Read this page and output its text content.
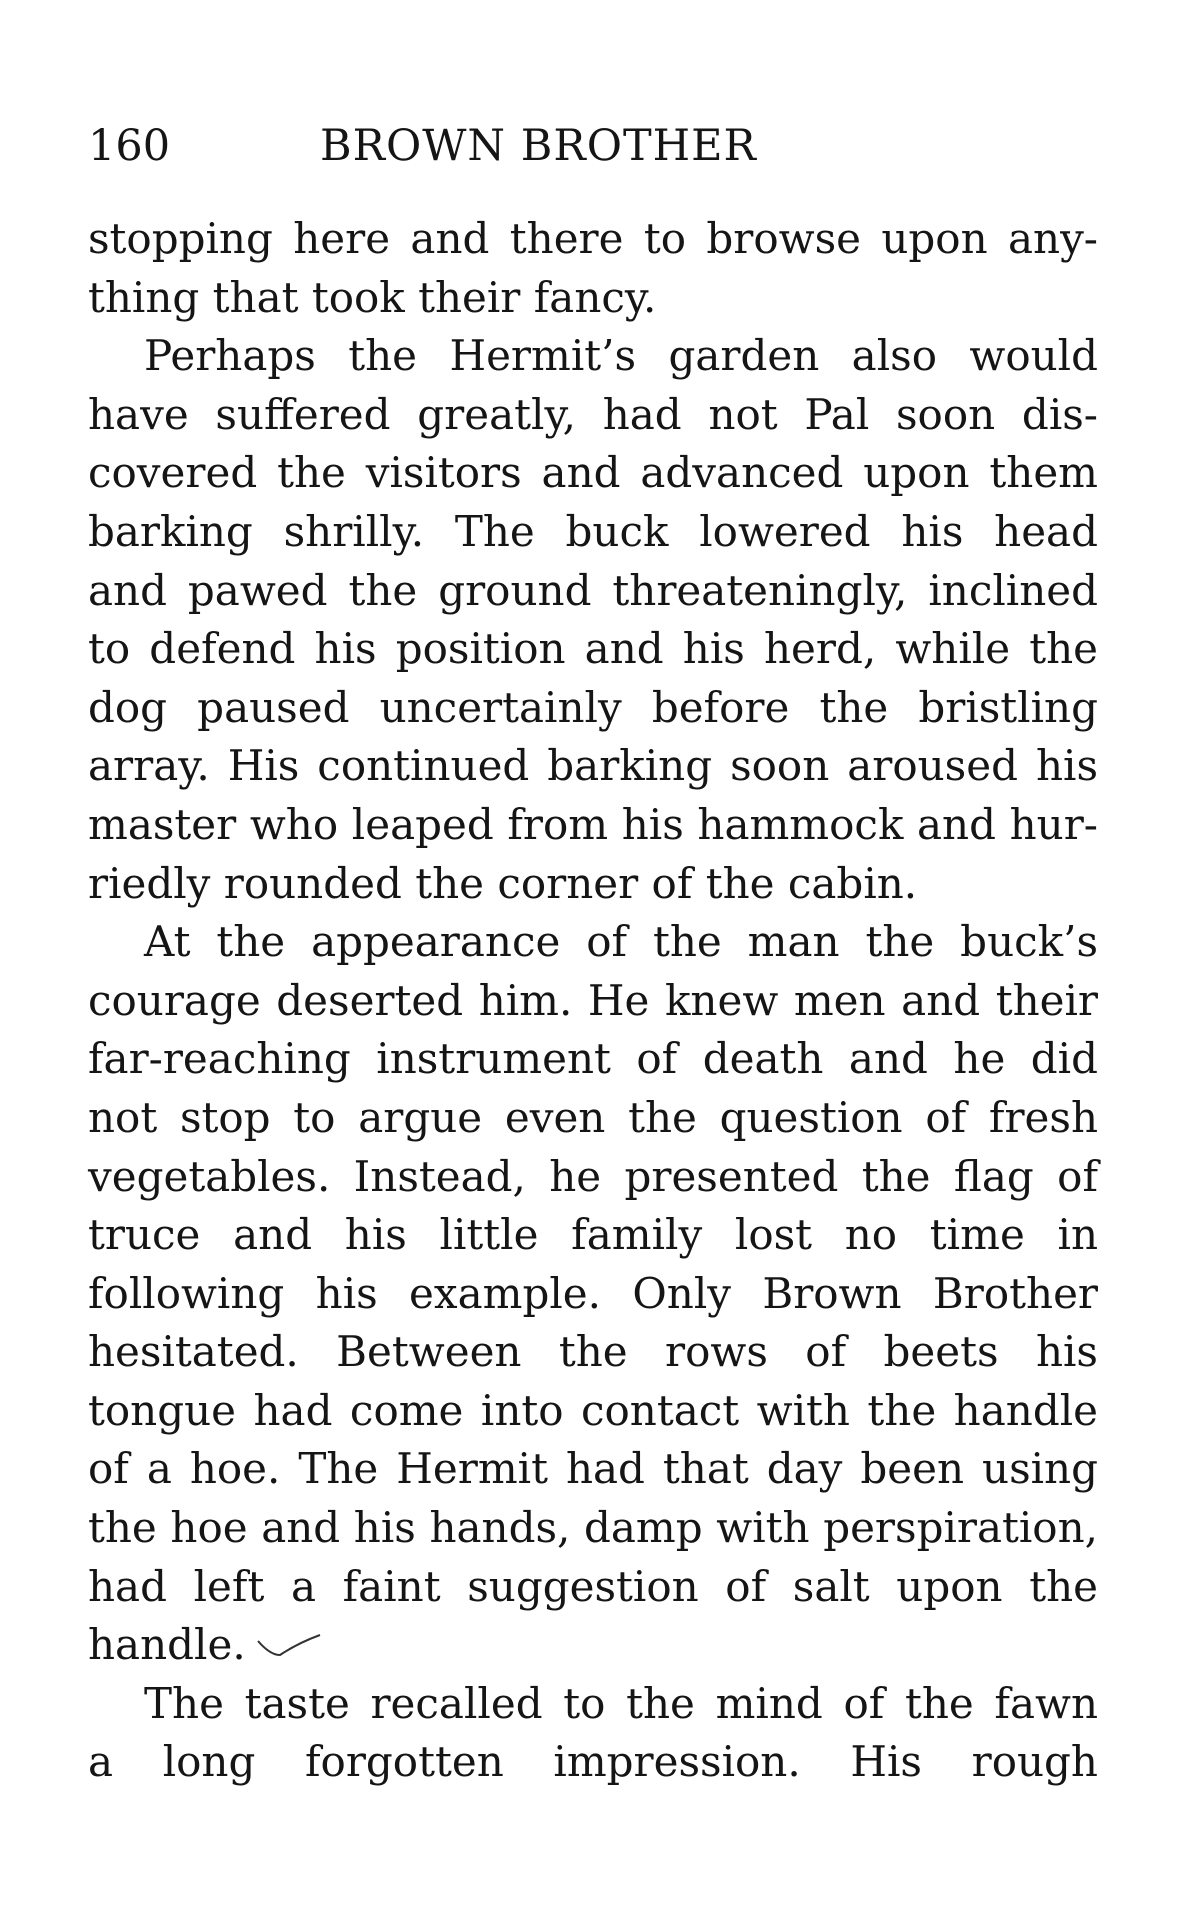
160	BROWN BROTHER
stopping here and there to browse upon any-
thing that took their fancy.
Perhaps the Hermit’s garden also would
have suffered greatly, had not Pal soon dis-
covered the visitors and advanced upon them
barking shrilly. The buck lowered his head
and pawed the ground threateningly, inclined
to defend his position and his herd, while the
dog paused uncertainly before the bristling
array. His continued barking soon aroused his
master who leaped from his hammock and hur-
riedly rounded the corner of the cabin.
At the appearance of the man the buck’s
courage deserted him. He knew men and their
far-reaching instrument of death and he did
not stop to argue even the question of fresh
vegetables. Instead, he presented the flag of
truce and his little family lost no time in
following his example. Only Brown Brother
hesitated. Between the rows of beets his
tongue had come into contact with the handle
of a hoe. The Hermit had that day been using
the hoe and his hands, damp with perspiration,
had left a faint suggestion of salt upon the
handle.
The taste recalled to the mind of the fawn
a long forgotten impression. His rough
